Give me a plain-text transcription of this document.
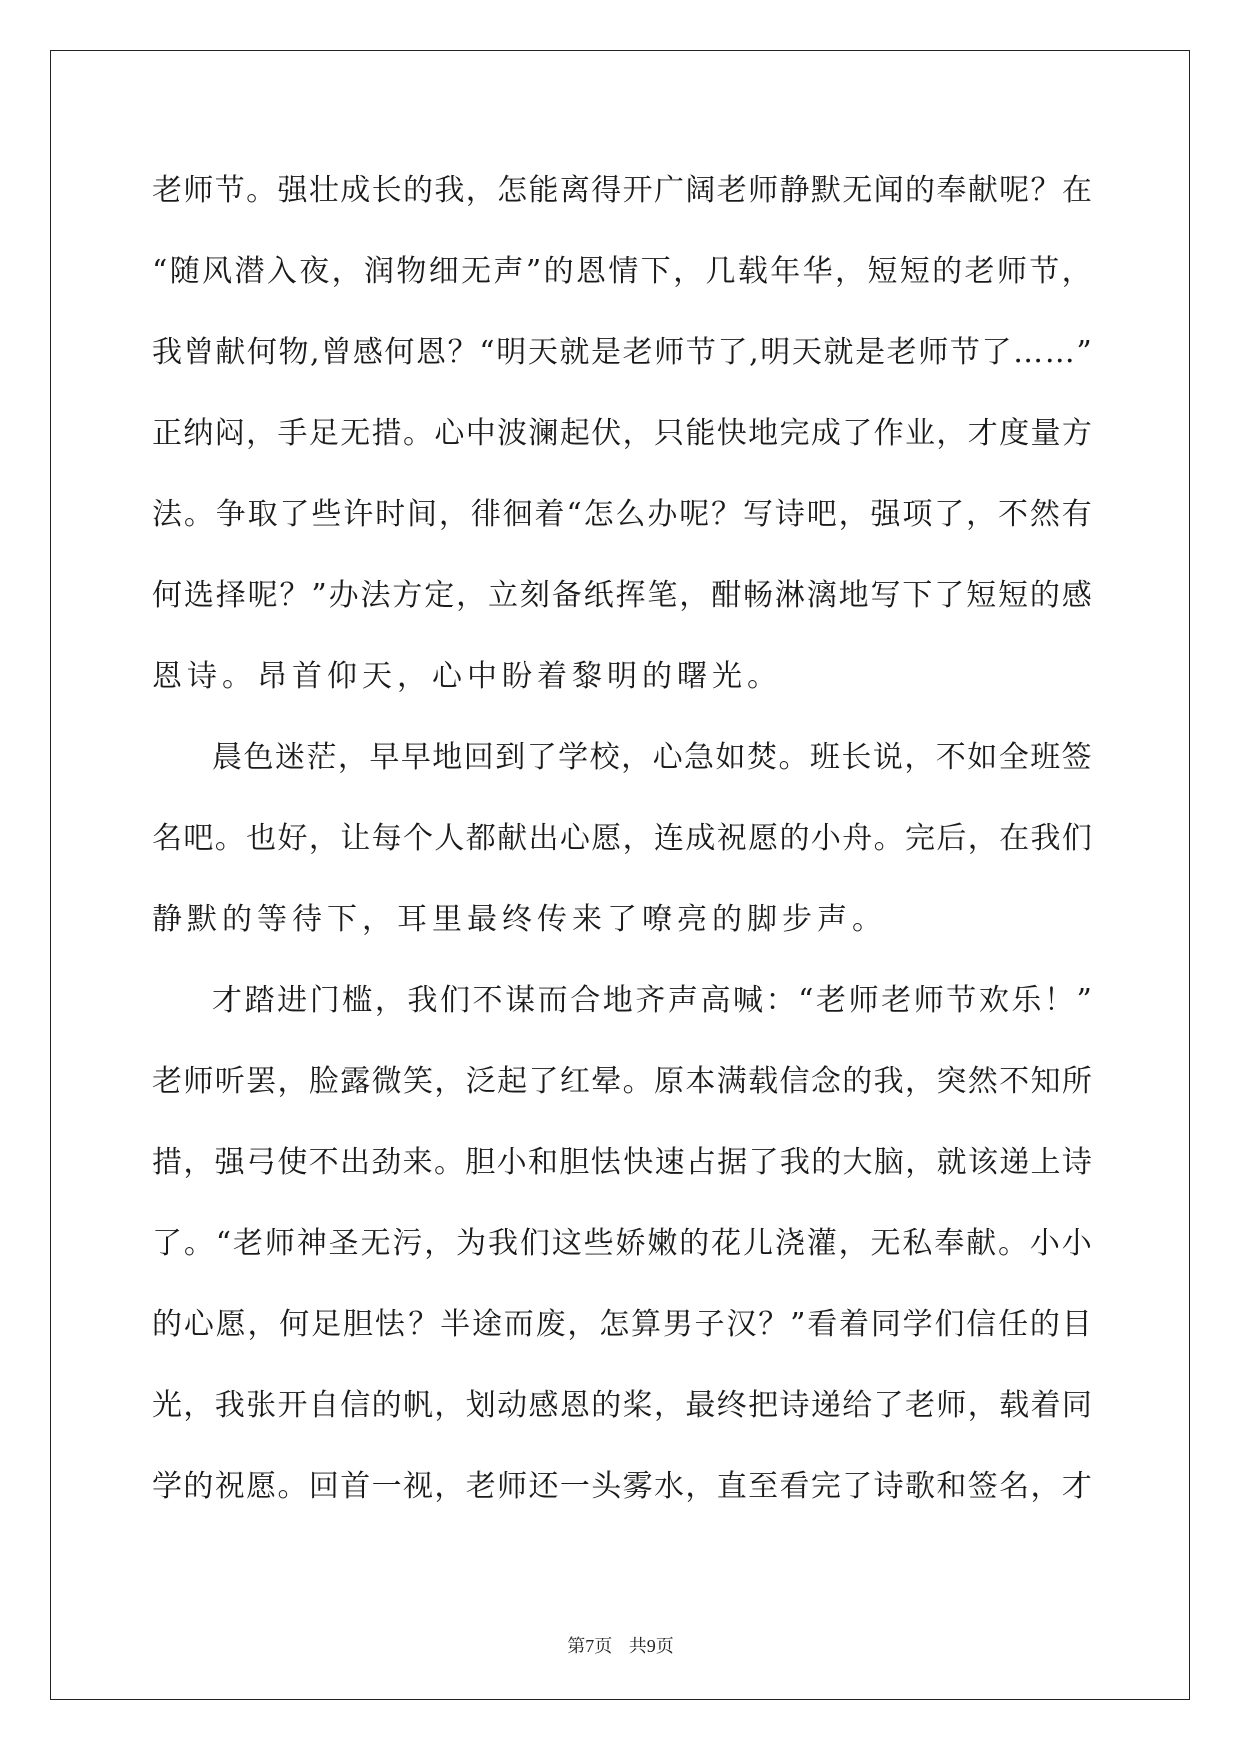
老 师 节 。 强 壮 成 长 的 我 ， 怎 能 离 得 开 广 阔 老 师 静 默 无 闻 的 奉 献 呢 ？ 在
“ 随 风 潜 入 夜 ， 润 物 细 无 声 ” 的 恩 情 下 ， 几 载 年 华 ， 短 短 的 老 师 节 ，
我 曾 献 何 物 , 曾 感 何 恩 ？ “ 明 天 就 是 老 师 节 了 , 明 天 就 是 老 师 节 了 … … ”
正 纳 闷 ， 手 足 无 措 。 心 中 波 澜 起 伏 ， 只 能 快 地 完 成 了 作 业 ， 才 度 量 方
法 。 争 取 了 些 许 时 间 ， 徘 徊 着 “ 怎 么 办 呢 ？ 写 诗 吧 ， 强 项 了 ， 不 然 有
何 选 择 呢 ？ ” 办 法 方 定 ， 立 刻 备 纸 挥 笔 ， 酣 畅 淋 漓 地 写 下 了 短 短 的 感
恩诗。昂首仰天，心中盼着黎明的曙光。
晨 色 迷 茫 ， 早 早 地 回 到 了 学 校 ， 心 急 如 焚 。 班 长 说 ， 不 如 全 班 签
名 吧 。 也 好 ， 让 每 个 人 都 献 出 心 愿 ， 连 成 祝 愿 的 小 舟 。 完 后 ， 在 我 们
静默的等待下，耳里最终传来了嘹亮的脚步声。
才 踏 进 门 槛 ， 我 们 不 谋 而 合 地 齐 声 高 喊 ： “ 老 师 老 师 节 欢 乐 ！ ”
老 师 听 罢 ， 脸 露 微 笑 ， 泛 起 了 红 晕 。 原 本 满 载 信 念 的 我 ， 突 然 不 知 所
措 ， 强 弓 使 不 出 劲 来 。 胆 小 和 胆 怯 快 速 占 据 了 我 的 大 脑 ， 就 该 递 上 诗
了 。 “ 老 师 神 圣 无 污 ， 为 我 们 这 些 娇 嫩 的 花 儿 浇 灌 ， 无 私 奉 献 。 小 小
的 心 愿 ， 何 足 胆 怯 ？ 半 途 而 废 ， 怎 算 男 子 汉 ？ ” 看 着 同 学 们 信 任 的 目
光 ， 我 张 开 自 信 的 帆 ， 划 动 感 恩 的 桨 ， 最 终 把 诗 递 给 了 老 师 ， 载 着 同
学 的 祝 愿 。 回 首 一 视 ， 老 师 还 一 头 雾 水 ， 直 至 看 完 了 诗 歌 和 签 名 ， 才
第7页 共9页
